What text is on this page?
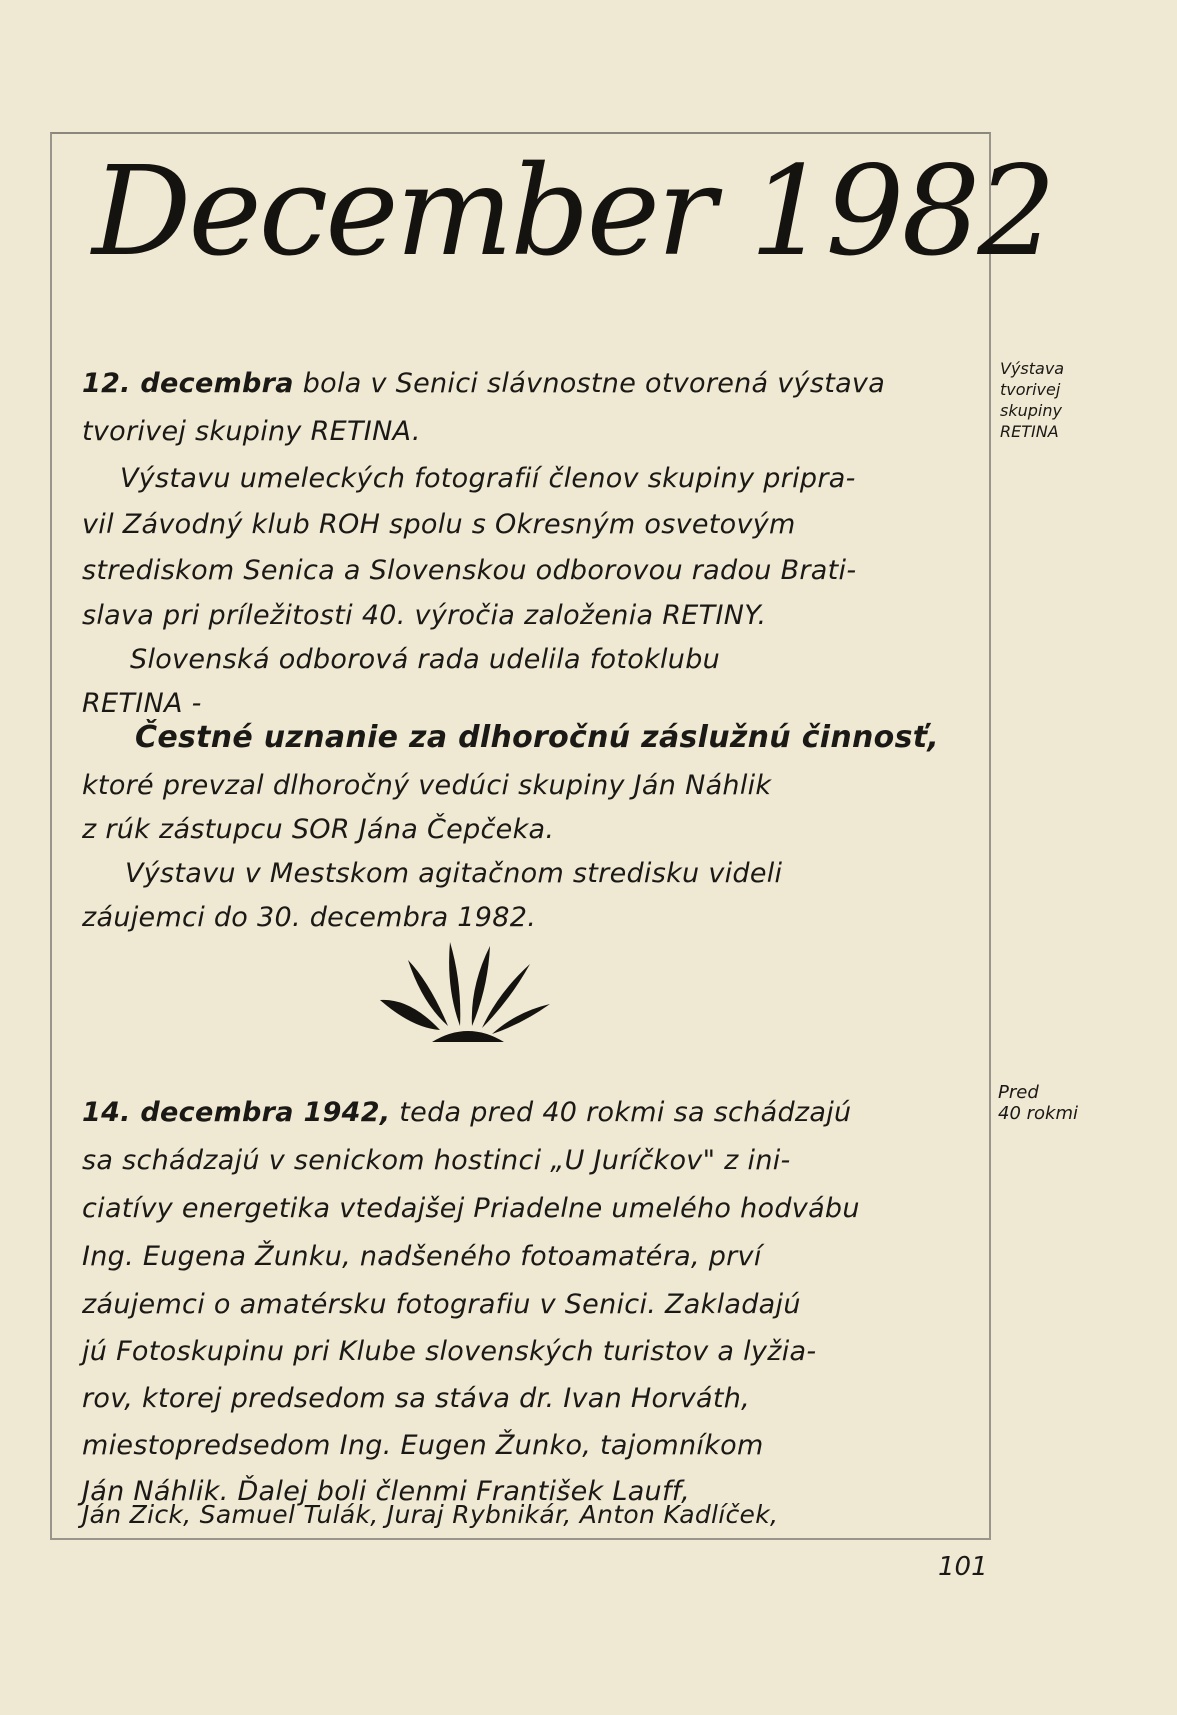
December 1982

12. decembra bola v Senici slávnostne otvorená výstava

tvorivej skupiny RETINA.

Výstavu umeleckých fotografií členov skupiny pripra-

vil Závodný klub ROH spolu s Okresným osvetovým

strediskom Senica a Slovenskou odborovou radou Brati-

slava pri príležitosti 40. výročia založenia RETINY.

Slovenská odborová rada udelila fotoklubu

RETINA -

Čestné uznanie za dlhoročnú záslužnú činnosť,

ktoré prevzal dlhoročný vedúci skupiny Ján Náhlik

z rúk zástupcu SOR Jána Čepčeka.

Výstavu v Mestskom agitačnom stredisku videli

záujemci do 30. decembra 1982.

Výstava
tvorivej
skupiny
RETINA

14. decembra 1942, teda pred 40 rokmi sa schádzajú

sa schádzajú v senickom hostinci „U Juríčkov" z ini-

ciatívy energetika vtedajšej Priadelne umelého hodvábu

Ing. Eugena Žunku, nadšeného fotoamatéra, prví

záujemci o amatérsku fotografiu v Senici. Zakladajú

jú Fotoskupinu pri Klube slovenských turistov a lyžia-

rov, ktorej predsedom sa stáva dr. Ivan Horváth,

miestopredsedom Ing. Eugen Žunko, tajomníkom

Ján Náhlik. Ďalej boli členmi František Lauff,

Ján Zick, Samuel Tulák, Juraj Rybnikár, Anton Kadlíček,

Pred
40 rokmi

101
